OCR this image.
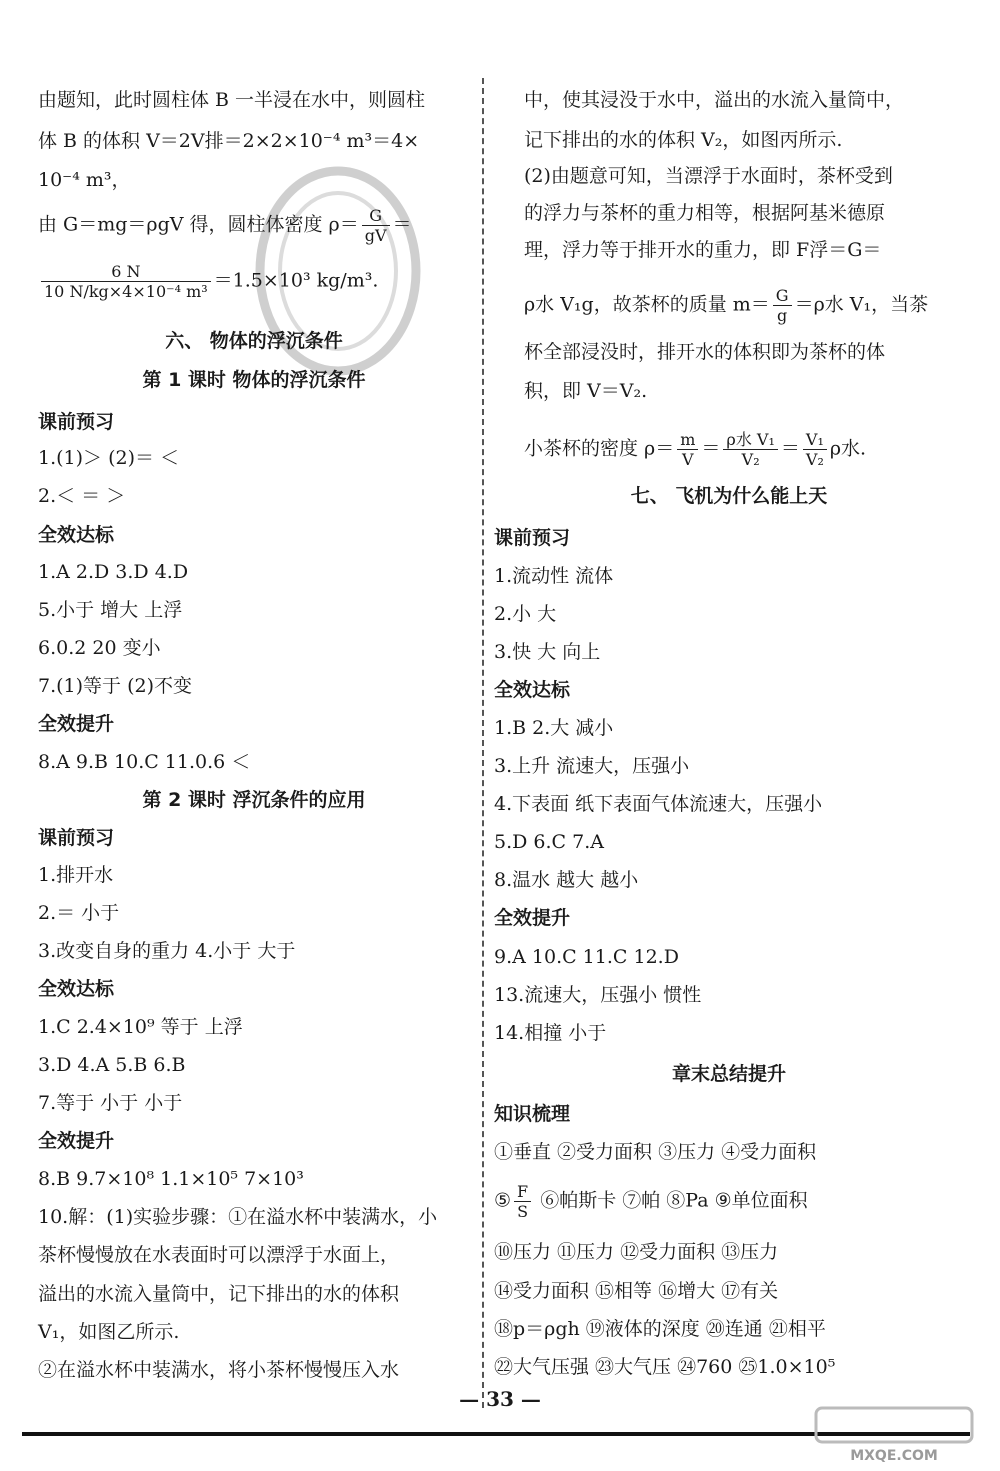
由题知，此时圆柱体 B 一半浸在水中，则圆柱
体 B 的体积 V＝2V排＝2×2×10⁻⁴ m³＝4×
10⁻⁴ m³，
由 G＝mg＝ρgV 得，圆柱体密度 $\rho= \frac{G}{gV}$ ＝
$\frac{6 N}{\text{10 N/kg×4×10⁻⁴ m³}} =1.5\times 10^3$ kg/m³.
六、 物体的浮沉条件
第 1 课时 物体的浮沉条件
课前预习
1.(1)＞ (2)＝ ＜
2.＜ ＝ ＞
全效达标
1.A 2.D 3.D 4.D
5.小于 增大 上浮
6.0.2 20 变小
7.(1)等于 (2)不变
全效提升
8.A 9.B 10.C 11.0.6 ＜
第 2 课时 浮沉条件的应用
课前预习
1.排开水
2.＝ 小于
3.改变自身的重力 4.小于 大于
全效达标
1.C 2.4×10⁹ 等于 上浮
3.D 4.A 5.B 6.B
7.等于 小于 小于
全效提升
8.B 9.7×10⁸ 1.1×10⁵ 7×10³
10.解：(1)实验步骤：①在溢水杯中装满水，小
茶杯慢慢放在水表面时可以漂浮于水面上，
溢出的水流入量筒中，记下排出的水的体积
V₁，如图乙所示.
②在溢水杯中装满水，将小茶杯慢慢压入水
中，使其浸没于水中，溢出的水流入量筒中，
记下排出的水的体积 V₂，如图丙所示.
(2)由题意可知，当漂浮于水面时，茶杯受到
的浮力与茶杯的重力相等，根据阿基米德原
理，浮力等于排开水的重力，即 F浮＝G＝
ρ水 V₁g，故茶杯的质量 $m= \frac{G}{g} =\rho$水 V₁，当茶
杯全部浸没时，排开水的体积即为茶杯的体
积，即 V＝V₂.
小茶杯的密度 $\rho= \frac{m}{V} = \frac{\text{ρ水 V₁}}{\text{V₂}} = \frac{\text{V₁}}{\text{V₂}}$ ρ水.
七、 飞机为什么能上天
课前预习
1.流动性 流体
2.小 大
3.快 大 向上
全效达标
1.B 2.大 减小
3.上升 流速大，压强小
4.下表面 纸下表面气体流速大，压强小
5.D 6.C 7.A
8.温水 越大 越小
全效提升
9.A 10.C 11.C 12.D
13.流速大，压强小 惯性
14.相撞 小于
章末总结提升
知识梳理
①垂直 ②受力面积 ③压力 ④受力面积
⑤ $\frac{F}{S}$ ⑥帕斯卡 ⑦帕 ⑧Pa ⑨单位面积
⑩压力 ⑪压力 ⑫受力面积 ⑬压力
⑭受力面积 ⑮相等 ⑯增大 ⑰有关
⑱p＝ρgh ⑲液体的深度 ⑳连通 ㉑相平
㉒大气压强 ㉓大气压 ㉔760 ㉕1.0×10⁵
— 33 —
MXQE.COM
